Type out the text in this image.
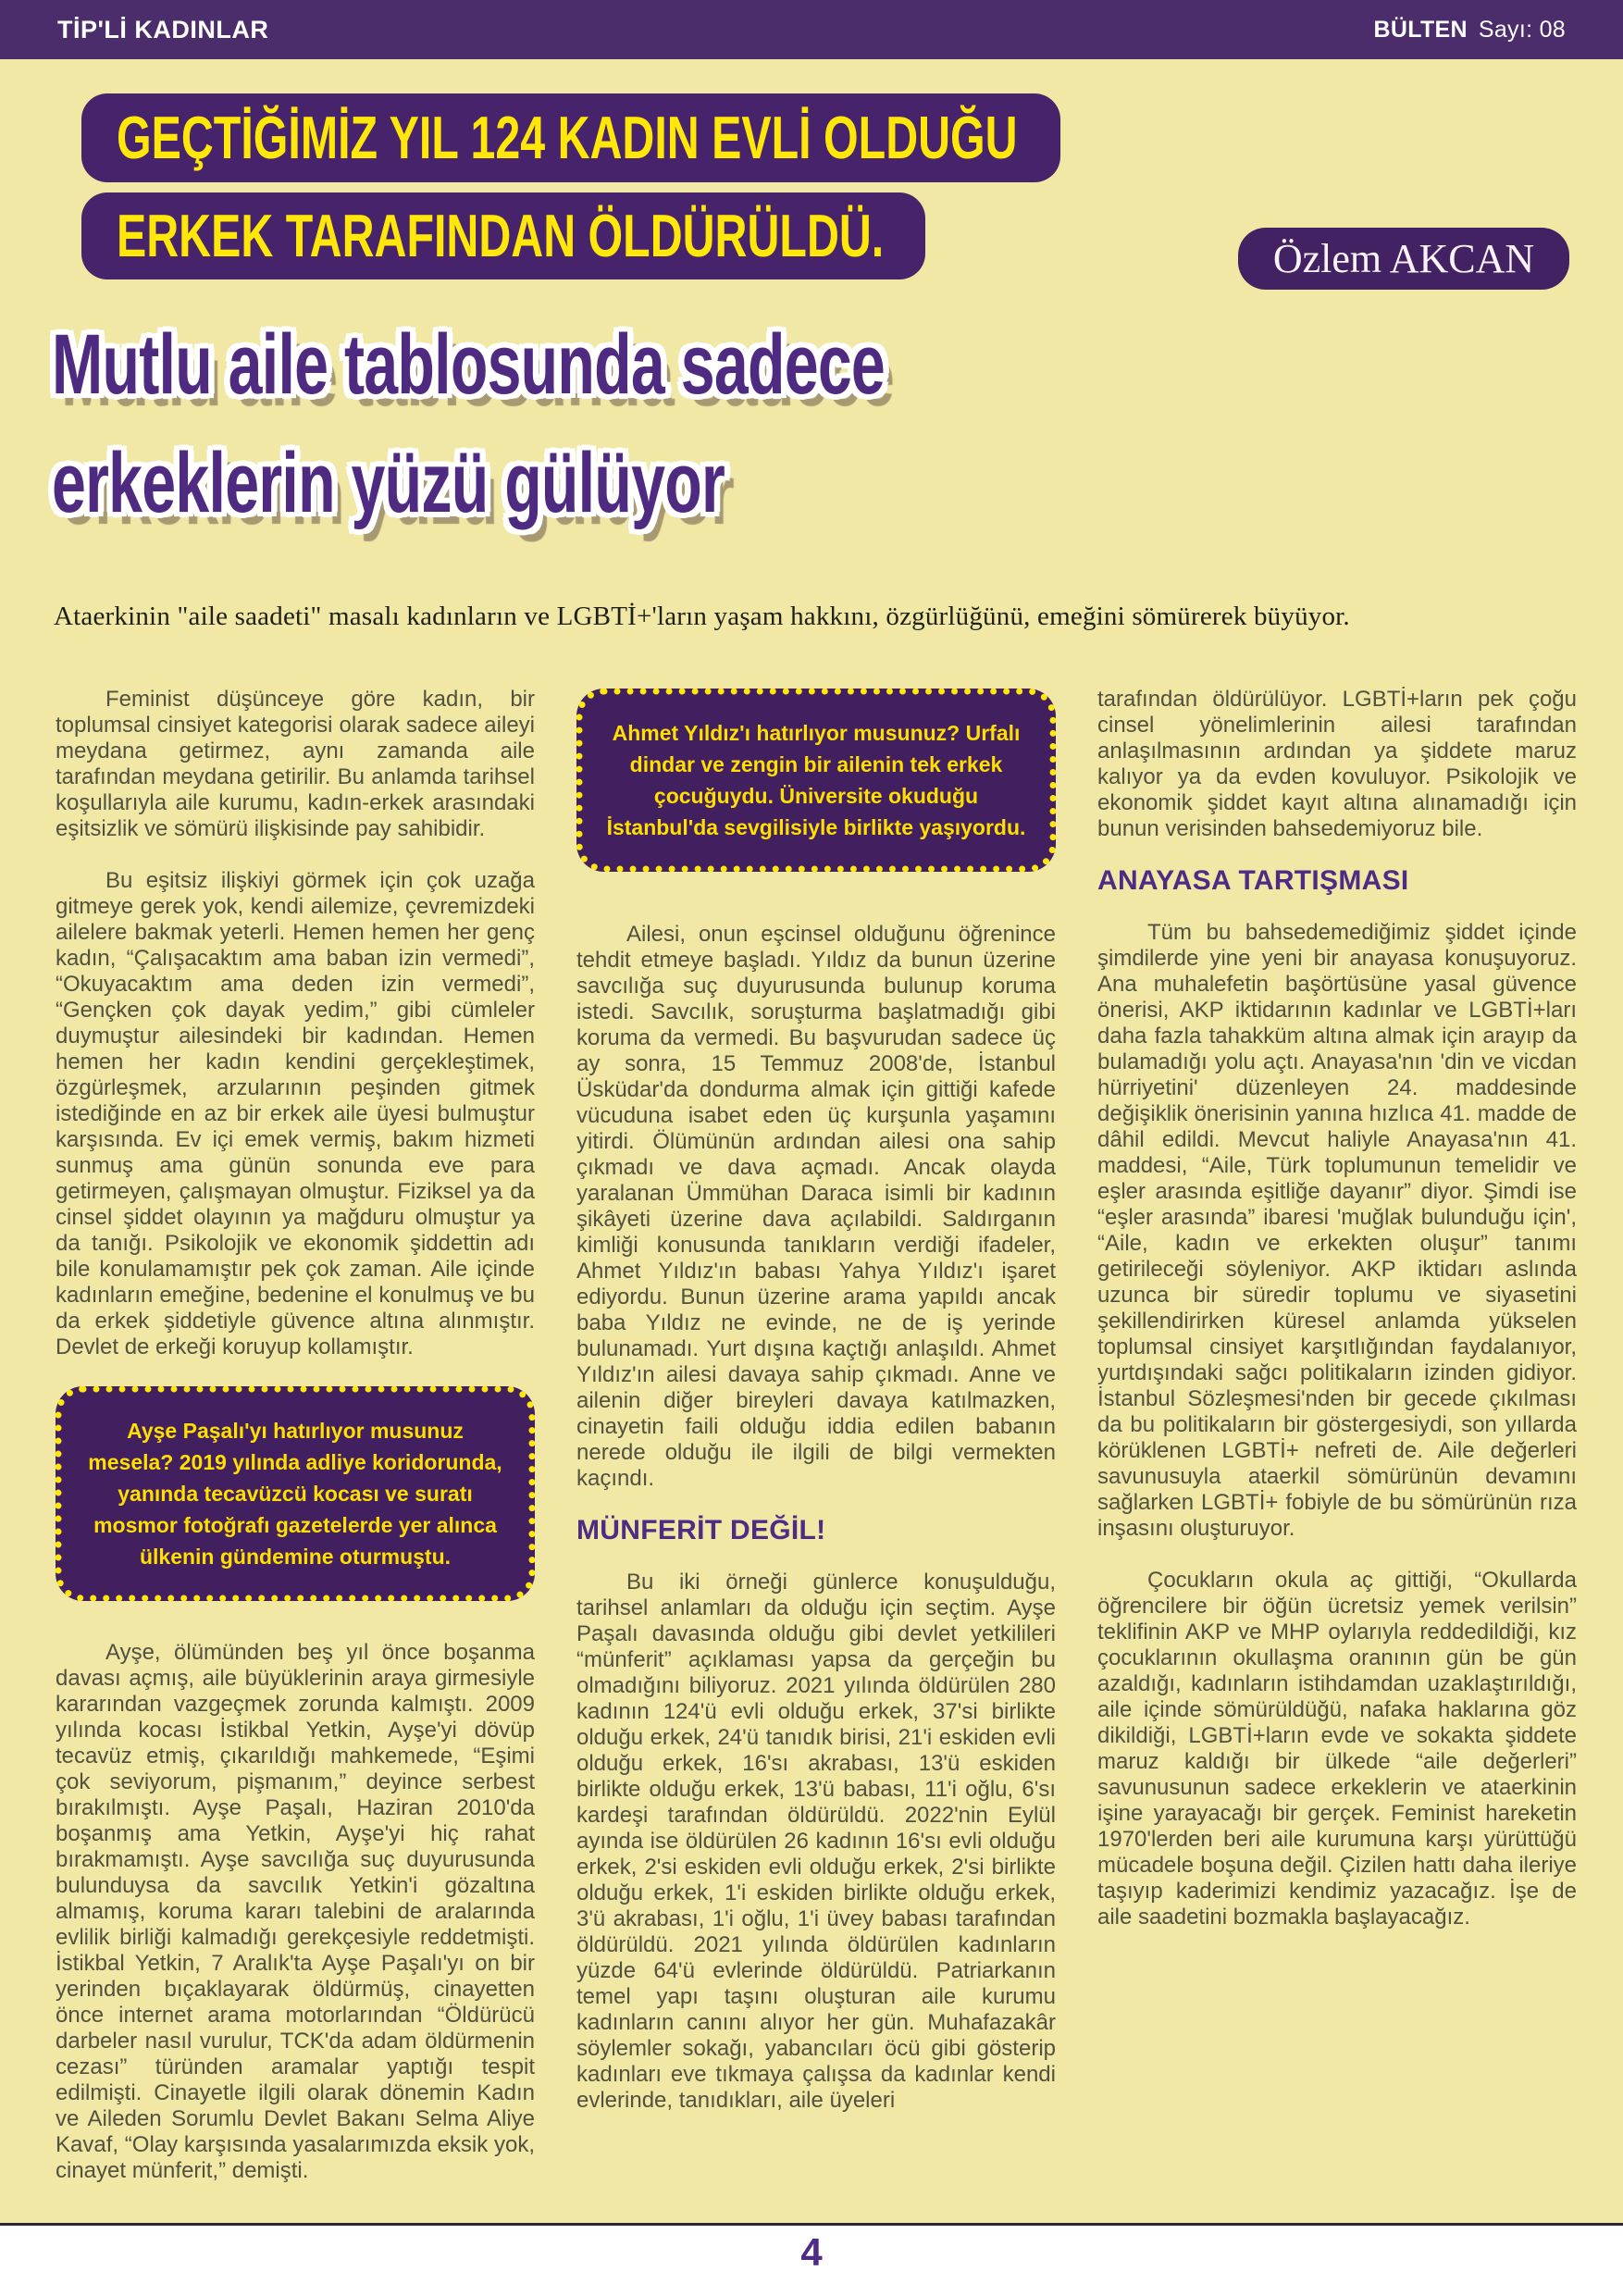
TİP'Lİ KADINLAR	BÜLTEN Sayı: 08
GEÇTİĞİMİZ YIL 124 KADIN EVLİ OLDUĞU
ERKEK TARAFINDAN ÖLDÜRÜLDÜ.	Özlem AKCAN
Mutlu aile tablosunda sadece
erkeklerin yüzü gülüyor

Ataerkinin "aile saadeti" masalı kadınların ve LGBTİ+'ların yaşam hakkını, özgürlüğünü, emeğini sömürerek büyüyor.

Feminist düşünceye göre kadın, bir toplumsal cinsiyet kategorisi olarak sadece aileyi meydana getirmez, aynı zamanda aile tarafından meydana getirilir. Bu anlamda tarihsel koşullarıyla aile kurumu, kadın-erkek arasındaki eşitsizlik ve sömürü ilişkisinde pay sahibidir.

Bu eşitsiz ilişkiyi görmek için çok uzağa gitmeye gerek yok, kendi ailemize, çevremizdeki ailelere bakmak yeterli. Hemen hemen her genç kadın, “Çalışacaktım ama baban izin vermedi”, “Okuyacaktım ama deden izin vermedi”, “Gençken çok dayak yedim,” gibi cümleler duymuştur ailesindeki bir kadından. Hemen hemen her kadın kendini gerçekleştimek, özgürleşmek, arzularının peşinden gitmek istediğinde en az bir erkek aile üyesi bulmuştur karşısında. Ev içi emek vermiş, bakım hizmeti sunmuş ama günün sonunda eve para getirmeyen, çalışmayan olmuştur. Fiziksel ya da cinsel şiddet olayının ya mağduru olmuştur ya da tanığı. Psikolojik ve ekonomik şiddettin adı bile konulamamıştır pek çok zaman. Aile içinde kadınların emeğine, bedenine el konulmuş ve bu da erkek şiddetiyle güvence altına alınmıştır. Devlet de erkeği koruyup kollamıştır.

Ayşe Paşalı'yı hatırlıyor musunuz mesela? 2019 yılında adliye koridorunda, yanında tecavüzcü kocası ve suratı mosmor fotoğrafı gazetelerde yer alınca ülkenin gündemine oturmuştu.

Ayşe, ölümünden beş yıl önce boşanma davası açmış, aile büyüklerinin araya girmesiyle kararından vazgeçmek zorunda kalmıştı. 2009 yılında kocası İstikbal Yetkin, Ayşe'yi dövüp tecavüz etmiş, çıkarıldığı mahkemede, “Eşimi çok seviyorum, pişmanım,” deyince serbest bırakılmıştı. Ayşe Paşalı, Haziran 2010'da boşanmış ama Yetkin, Ayşe'yi hiç rahat bırakmamıştı. Ayşe savcılığa suç duyurusunda bulunduysa da savcılık Yetkin'i gözaltına almamış, koruma kararı talebini de aralarında evlilik birliği kalmadığı gerekçesiyle reddetmişti. İstikbal Yetkin, 7 Aralık'ta Ayşe Paşalı'yı on bir yerinden bıçaklayarak öldürmüş, cinayetten önce internet arama motorlarından “Öldürücü darbeler nasıl vurulur, TCK'da adam öldürmenin cezası” türünden aramalar yaptığı tespit edilmişti. Cinayetle ilgili olarak dönemin Kadın ve Aileden Sorumlu Devlet Bakanı Selma Aliye Kavaf, “Olay karşısında yasalarımızda eksik yok, cinayet münferit,” demişti.

Ahmet Yıldız'ı hatırlıyor musunuz? Urfalı dindar ve zengin bir ailenin tek erkek çocuğuydu. Üniversite okuduğu İstanbul'da sevgilisiyle birlikte yaşıyordu.

Ailesi, onun eşcinsel olduğunu öğrenince tehdit etmeye başladı. Yıldız da bunun üzerine savcılığa suç duyurusunda bulunup koruma istedi. Savcılık, soruşturma başlatmadığı gibi koruma da vermedi. Bu başvurudan sadece üç ay sonra, 15 Temmuz 2008'de, İstanbul Üsküdar'da dondurma almak için gittiği kafede vücuduna isabet eden üç kurşunla yaşamını yitirdi. Ölümünün ardından ailesi ona sahip çıkmadı ve dava açmadı. Ancak olayda yaralanan Ümmühan Daraca isimli bir kadının şikâyeti üzerine dava açılabildi. Saldırganın kimliği konusunda tanıkların verdiği ifadeler, Ahmet Yıldız'ın babası Yahya Yıldız'ı işaret ediyordu. Bunun üzerine arama yapıldı ancak baba Yıldız ne evinde, ne de iş yerinde bulunamadı. Yurt dışına kaçtığı anlaşıldı. Ahmet Yıldız'ın ailesi davaya sahip çıkmadı. Anne ve ailenin diğer bireyleri davaya katılmazken, cinayetin faili olduğu iddia edilen babanın nerede olduğu ile ilgili de bilgi vermekten kaçındı.

MÜNFERİT DEĞİL!

Bu iki örneği günlerce konuşulduğu, tarihsel anlamları da olduğu için seçtim. Ayşe Paşalı davasında olduğu gibi devlet yetkilileri “münferit” açıklaması yapsa da gerçeğin bu olmadığını biliyoruz. 2021 yılında öldürülen 280 kadının 124'ü evli olduğu erkek, 37'si birlikte olduğu erkek, 24'ü tanıdık birisi, 21'i eskiden evli olduğu erkek, 16'sı akrabası, 13'ü eskiden birlikte olduğu erkek, 13'ü babası, 11'i oğlu, 6'sı kardeşi tarafından öldürüldü. 2022'nin Eylül ayında ise öldürülen 26 kadının 16'sı evli olduğu erkek, 2'si eskiden evli olduğu erkek, 2'si birlikte olduğu erkek, 1'i eskiden birlikte olduğu erkek, 3'ü akrabası, 1'i oğlu, 1'i üvey babası tarafından öldürüldü. 2021 yılında öldürülen kadınların yüzde 64'ü evlerinde öldürüldü. Patriarkanın temel yapı taşını oluşturan aile kurumu kadınların canını alıyor her gün. Muhafazakâr söylemler sokağı, yabancıları öcü gibi gösterip kadınları eve tıkmaya çalışsa da kadınlar kendi evlerinde, tanıdıkları, aile üyeleri

tarafından öldürülüyor. LGBTİ+ların pek çoğu cinsel yönelimlerinin ailesi tarafından anlaşılmasının ardından ya şiddete maruz kalıyor ya da evden kovuluyor. Psikolojik ve ekonomik şiddet kayıt altına alınamadığı için bunun verisinden bahsedemiyoruz bile.

ANAYASA TARTIŞMASI

Tüm bu bahsedemediğimiz şiddet içinde şimdilerde yine yeni bir anayasa konuşuyoruz. Ana muhalefetin başörtüsüne yasal güvence önerisi, AKP iktidarının kadınlar ve LGBTİ+ları daha fazla tahakküm altına almak için arayıp da bulamadığı yolu açtı. Anayasa'nın 'din ve vicdan hürriyetini' düzenleyen 24. maddesinde değişiklik önerisinin yanına hızlıca 41. madde de dâhil edildi. Mevcut haliyle Anayasa'nın 41. maddesi, “Aile, Türk toplumunun temelidir ve eşler arasında eşitliğe dayanır” diyor. Şimdi ise “eşler arasında” ibaresi 'muğlak bulunduğu için', “Aile, kadın ve erkekten oluşur” tanımı getirileceği söyleniyor. AKP iktidarı aslında uzunca bir süredir toplumu ve siyasetini şekillendirirken küresel anlamda yükselen toplumsal cinsiyet karşıtlığından faydalanıyor, yurtdışındaki sağcı politikaların izinden gidiyor. İstanbul Sözleşmesi'nden bir gecede çıkılması da bu politikaların bir göstergesiydi, son yıllarda körüklenen LGBTİ+ nefreti de. Aile değerleri savunusuyla ataerkil sömürünün devamını sağlarken LGBTİ+ fobiyle de bu sömürünün rıza inşasını oluşturuyor.

Çocukların okula aç gittiği, “Okullarda öğrencilere bir öğün ücretsiz yemek verilsin” teklifinin AKP ve MHP oylarıyla reddedildiği, kız çocuklarının okullaşma oranının gün be gün azaldığı, kadınların istihdamdan uzaklaştırıldığı, aile içinde sömürüldüğü, nafaka haklarına göz dikildiği, LGBTİ+ların evde ve sokakta şiddete maruz kaldığı bir ülkede “aile değerleri” savunusunun sadece erkeklerin ve ataerkinin işine yarayacağı bir gerçek. Feminist hareketin 1970'lerden beri aile kurumuna karşı yürüttüğü mücadele boşuna değil. Çizilen hattı daha ileriye taşıyıp kaderimizi kendimiz yazacağız. İşe de aile saadetini bozmakla başlayacağız.

4
